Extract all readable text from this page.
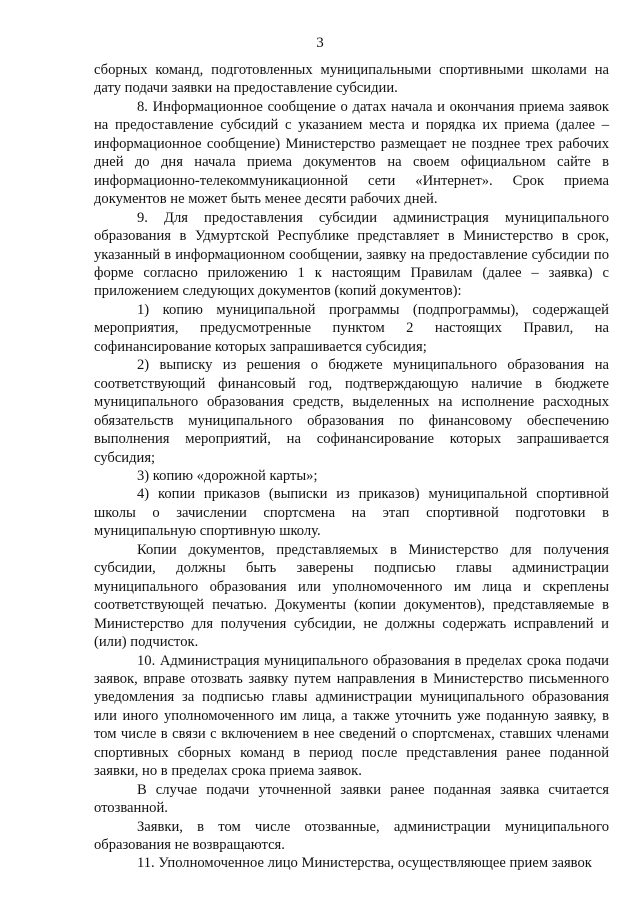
3

сборных команд, подготовленных муниципальными спортивными школами на дату подачи заявки на предоставление субсидии.

8. Информационное сообщение о датах начала и окончания приема заявок на предоставление субсидий с указанием места и порядка их приема (далее – информационное сообщение) Министерство размещает не позднее трех рабочих дней до дня начала приема документов на своем официальном сайте в информационно-телекоммуникационной сети «Интернет». Срок приема документов не может быть менее десяти рабочих дней.

9. Для предоставления субсидии администрация муниципального образования в Удмуртской Республике представляет в Министерство в срок, указанный в информационном сообщении, заявку на предоставление субсидии по форме согласно приложению 1 к настоящим Правилам (далее – заявка) с приложением следующих документов (копий документов):

1) копию муниципальной программы (подпрограммы), содержащей мероприятия, предусмотренные пунктом 2 настоящих Правил, на софинансирование которых запрашивается субсидия;

2) выписку из решения о бюджете муниципального образования на соответствующий финансовый год, подтверждающую наличие в бюджете муниципального образования средств, выделенных на исполнение расходных обязательств муниципального образования по финансовому обеспечению выполнения мероприятий, на софинансирование которых запрашивается субсидия;

3) копию «дорожной карты»;

4) копии приказов (выписки из приказов) муниципальной спортивной школы о зачислении спортсмена на этап спортивной подготовки в муниципальную спортивную школу.

Копии документов, представляемых в Министерство для получения субсидии, должны быть заверены подписью главы администрации муниципального образования или уполномоченного им лица и скреплены соответствующей печатью. Документы (копии документов), представляемые в Министерство для получения субсидии, не должны содержать исправлений и (или) подчисток.

10. Администрация муниципального образования в пределах срока подачи заявок, вправе отозвать заявку путем направления в Министерство письменного уведомления за подписью главы администрации муниципального образования или иного уполномоченного им лица, а также уточнить уже поданную заявку, в том числе в связи с включением в нее сведений о спортсменах, ставших членами спортивных сборных команд в период после представления ранее поданной заявки, но в пределах срока приема заявок.

В случае подачи уточненной заявки ранее поданная заявка считается отозванной.

Заявки, в том числе отозванные, администрации муниципального образования не возвращаются.

11. Уполномоченное лицо Министерства, осуществляющее прием заявок
